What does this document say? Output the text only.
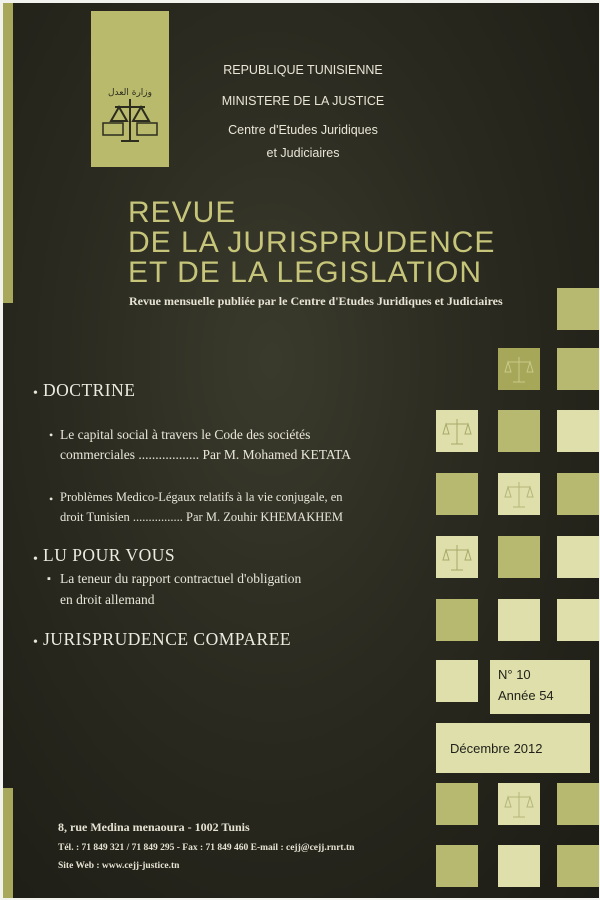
وزارة العدل
REPUBLIQUE TUNISIENNE
MINISTERE DE LA JUSTICE
Centre d'Etudes Juridiques
et Judiciaires
REVUE
DE LA JURISPRUDENCE
ET DE LA LEGISLATION
Revue mensuelle publiée par le Centre d'Etudes Juridiques et Judiciaires
N° 10
Année 54
Décembre 2012
• DOCTRINE
• Le capital social à travers le Code des sociétés
commerciales .................. Par M. Mohamed KETATA
• Problèmes Medico-Légaux relatifs à la vie conjugale, en
droit Tunisien ................ Par M. Zouhir KHEMAKHEM
• LU POUR VOUS
▪ La teneur du rapport contractuel d'obligation
en droit allemand
• JURISPRUDENCE COMPAREE
8, rue Medina menaoura - 1002 Tunis
Tél. : 71 849 321 / 71 849 295 - Fax : 71 849 460 E-mail : cejj@cejj.rnrt.tn
Site Web : www.cejj-justice.tn
